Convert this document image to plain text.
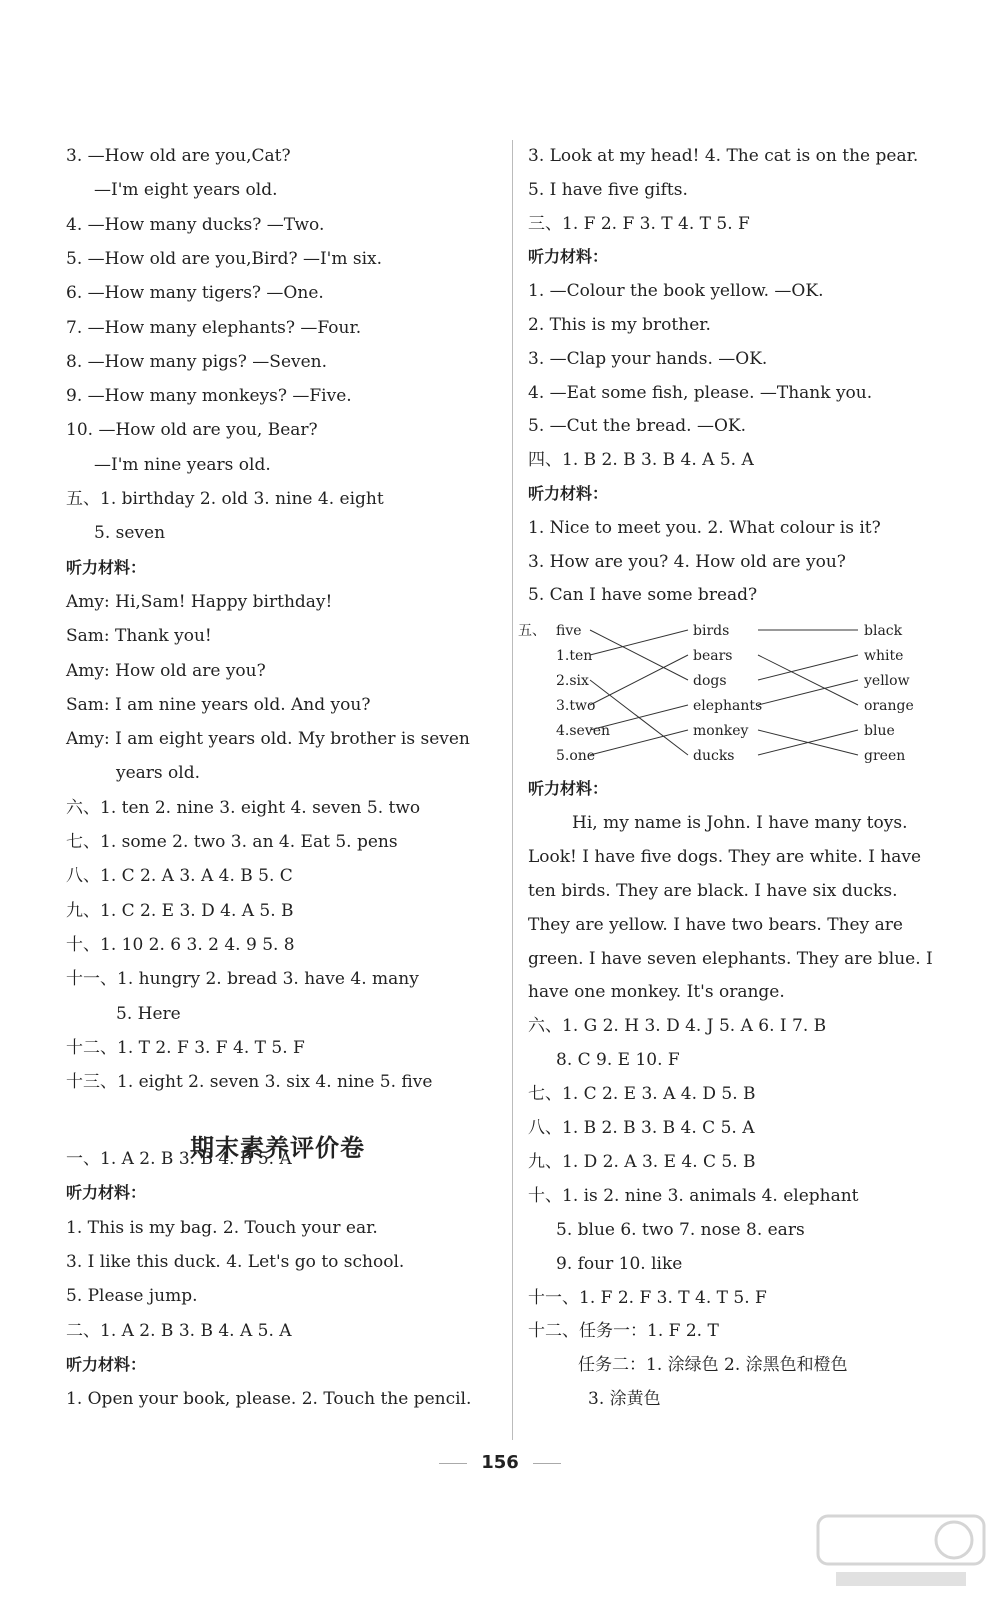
3. —How old are you,Cat?
—I'm eight years old.
4. —How many ducks? —Two.
5. —How old are you,Bird? —I'm six.
6. —How many tigers? —One.
7. —How many elephants? —Four.
8. —How many pigs? —Seven.
9. —How many monkeys? —Five.
10. —How old are you, Bear?
—I'm nine years old.
五、1. birthday 2. old 3. nine 4. eight
5. seven
听力材料：
Amy: Hi,Sam! Happy birthday!
Sam: Thank you!
Amy: How old are you?
Sam: I am nine years old. And you?
Amy: I am eight years old. My brother is seven
years old.
六、1. ten 2. nine 3. eight 4. seven 5. two
七、1. some 2. two 3. an 4. Eat 5. pens
八、1. C 2. A 3. A 4. B 5. C
九、1. C 2. E 3. D 4. A 5. B
十、1. 10 2. 6 3. 2 4. 9 5. 8
十一、1. hungry 2. bread 3. have 4. many
5. Here
十二、1. T 2. F 3. F 4. T 5. F
十三、1. eight 2. seven 3. six 4. nine 5. five
期末素养评价卷
一、1. A 2. B 3. B 4. B 5. A
听力材料：
1. This is my bag. 2. Touch your ear.
3. I like this duck. 4. Let's go to school.
5. Please jump.
二、1. A 2. B 3. B 4. A 5. A
听力材料：
1. Open your book, please. 2. Touch the pencil.
3. Look at my head! 4. The cat is on the pear.
5. I have five gifts.
三、1. F 2. F 3. T 4. T 5. F
听力材料：
1. —Colour the book yellow. —OK.
2. This is my brother.
3. —Clap your hands. —OK.
4. —Eat some fish, please. —Thank you.
5. —Cut the bread. —OK.
四、1. B 2. B 3. B 4. A 5. A
听力材料：
1. Nice to meet you. 2. What colour is it?
3. How are you? 4. How old are you?
5. Can I have some bread?
五、 five
1.ten
2.six
3.two
4.seven
5.one
birds
bears
dogs
elephants
monkey
ducks
black
white
yellow
orange
blue
green
听力材料：
Hi, my name is John. I have many toys.
Look! I have five dogs. They are white. I have
ten birds. They are black. I have six ducks.
They are yellow. I have two bears. They are
green. I have seven elephants. They are blue. I
have one monkey. It's orange.
六、1. G 2. H 3. D 4. J 5. A 6. I 7. B
8. C 9. E 10. F
七、1. C 2. E 3. A 4. D 5. B
八、1. B 2. B 3. B 4. C 5. A
九、1. D 2. A 3. E 4. C 5. B
十、1. is 2. nine 3. animals 4. elephant
5. blue 6. two 7. nose 8. ears
9. four 10. like
十一、1. F 2. F 3. T 4. T 5. F
十二、任务一：1. F 2. T
任务二：1. 涂绿色 2. 涂黑色和橙色
3. 涂黄色
156
